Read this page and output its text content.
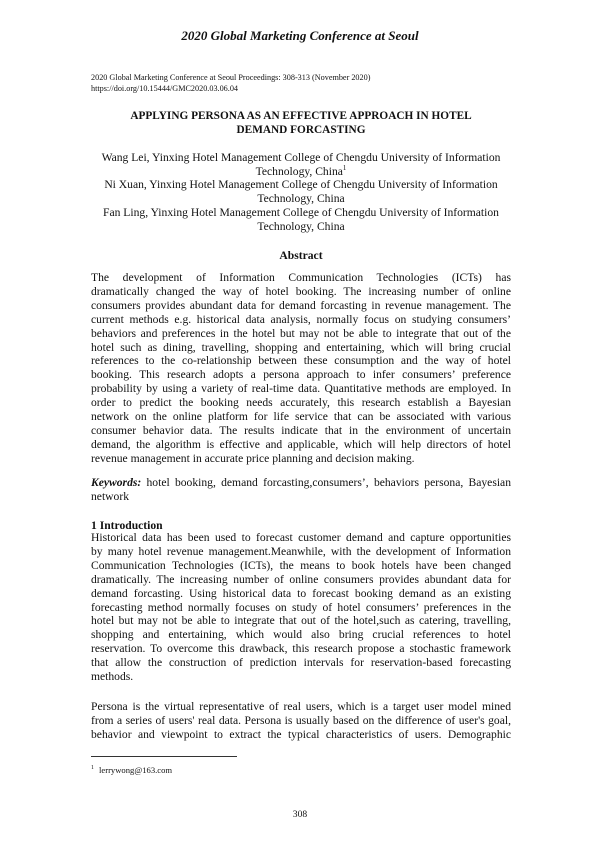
2020 Global Marketing Conference at Seoul
2020 Global Marketing Conference at Seoul Proceedings: 308-313 (November 2020)
https://doi.org/10.15444/GMC2020.03.06.04
APPLYING PERSONA AS AN EFFECTIVE APPROACH IN HOTEL
DEMAND FORCASTING
Wang Lei, Yinxing Hotel Management College of Chengdu University of Information
Technology, China$^1$
Ni Xuan, Yinxing Hotel Management College of Chengdu University of Information
Technology, China
Fan Ling, Yinxing Hotel Management College of Chengdu University of Information
Technology, China
Abstract
The development of Information Communication Technologies (ICTs) has
dramatically changed the way of hotel booking. The increasing number of online
consumers provides abundant data for demand forcasting in revenue management. The
current methods e.g. historical data analysis, normally focus on studying consumers’
behaviors and preferences in the hotel but may not be able to integrate that out of the
hotel such as dining, travelling, shopping and entertaining, which will bring crucial
references to the co-relationship between these consumption and the way of hotel
booking. This research adopts a persona approach to infer consumers’ preference
probability by using a variety of real-time data. Quantitative methods are employed. In
order to predict the booking needs accurately, this research establish a Bayesian
network on the online platform for life service that can be associated with various
consumer behavior data. The results indicate that in the environment of uncertain
demand, the algorithm is effective and applicable, which will help directors of hotel
revenue management in accurate price planning and decision making.
Keywords: hotel booking, demand forcasting,consumers’, behaviors persona, Bayesian
network
1 Introduction
Historical data has been used to forecast customer demand and capture opportunities
by many hotel revenue management.Meanwhile, with the development of Information
Communication Technologies (ICTs), the means to book hotels have been changed
dramatically. The increasing number of online consumers provides abundant data for
demand forcasting. Using historical data to forecast booking demand as an existing
forecasting method normally focuses on study of hotel consumers’ preferences in the
hotel but may not be able to integrate that out of the hotel,such as catering, travelling,
shopping and entertaining, which would also bring crucial references to hotel
reservation. To overcome this drawback, this research propose a stochastic framework
that allow the construction of prediction intervals for reservation-based forecasting
methods.
Persona is the virtual representative of real users, which is a target user model mined
from a series of users' real data. Persona is usually based on the difference of user's goal,
behavior and viewpoint to extract the typical characteristics of users. Demographic
$^1$ lerrywong@163.com
308
